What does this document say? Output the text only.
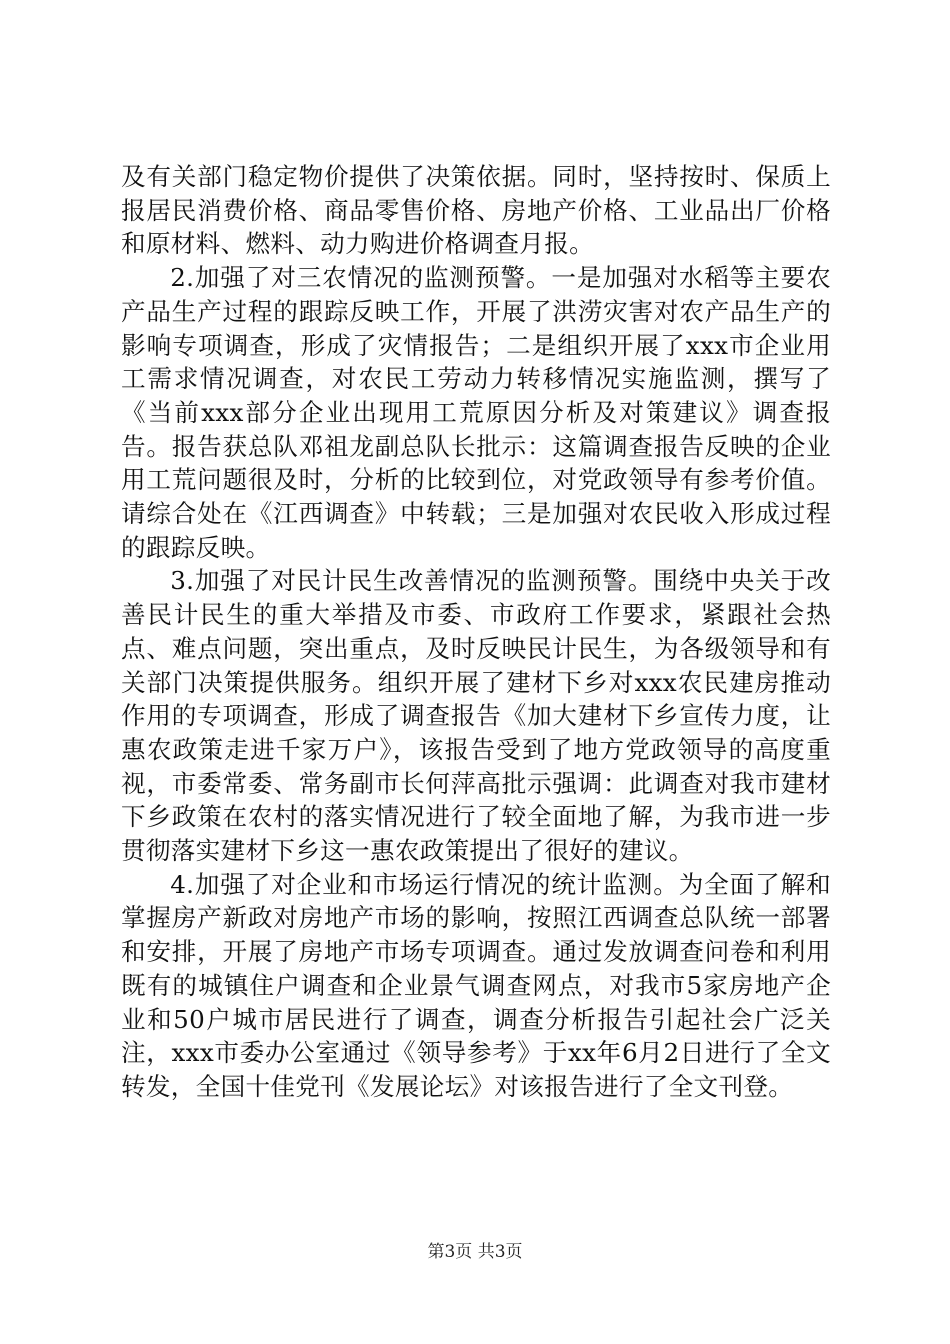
及有关部门稳定物价提供了决策依据。同时，坚持按时、保质上报居民消费价格、商品零售价格、房地产价格、工业品出厂价格和原材料、燃料、动力购进价格调查月报。

2.加强了对三农情况的监测预警。一是加强对水稻等主要农产品生产过程的跟踪反映工作，开展了洪涝灾害对农产品生产的影响专项调查，形成了灾情报告；二是组织开展了xxx市企业用工需求情况调查，对农民工劳动力转移情况实施监测，撰写了《当前xxx部分企业出现用工荒原因分析及对策建议》调查报告。报告获总队邓祖龙副总队长批示：这篇调查报告反映的企业用工荒问题很及时，分析的比较到位，对党政领导有参考价值。请综合处在《江西调查》中转载；三是加强对农民收入形成过程的跟踪反映。

3.加强了对民计民生改善情况的监测预警。围绕中央关于改善民计民生的重大举措及市委、市政府工作要求，紧跟社会热点、难点问题，突出重点，及时反映民计民生，为各级领导和有关部门决策提供服务。组织开展了建材下乡对xxx农民建房推动作用的专项调查，形成了调查报告《加大建材下乡宣传力度，让惠农政策走进千家万户》，该报告受到了地方党政领导的高度重视，市委常委、常务副市长何萍高批示强调：此调查对我市建材下乡政策在农村的落实情况进行了较全面地了解，为我市进一步贯彻落实建材下乡这一惠农政策提出了很好的建议。

4.加强了对企业和市场运行情况的统计监测。为全面了解和掌握房产新政对房地产市场的影响，按照江西调查总队统一部署和安排，开展了房地产市场专项调查。通过发放调查问卷和利用既有的城镇住户调查和企业景气调查网点，对我市5家房地产企业和50户城市居民进行了调查，调查分析报告引起社会广泛关注，xxx市委办公室通过《领导参考》于xx年6月2日进行了全文转发，全国十佳党刊《发展论坛》对该报告进行了全文刊登。

第3页 共3页
